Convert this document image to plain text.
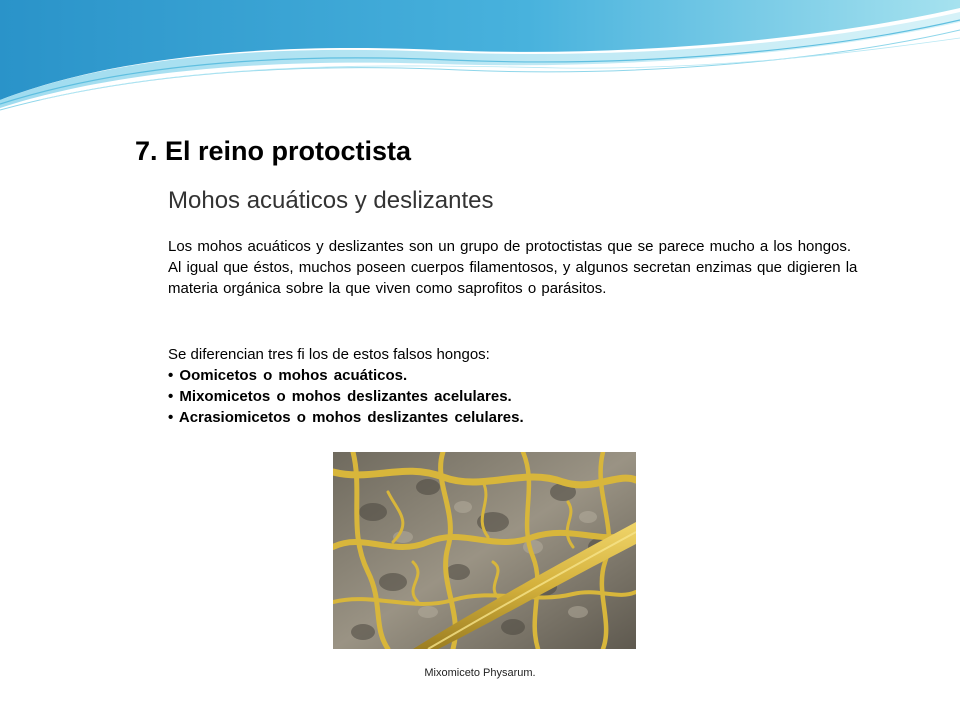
7. El reino protoctista
Mohos acuáticos y deslizantes

Los mohos acuáticos y deslizantes son un grupo de protoctistas que se parece mucho a los hongos. Al igual que éstos, muchos poseen cuerpos filamentosos, y algunos secretan enzimas que digieren la materia orgánica sobre la que viven como saprofitos o parásitos.

Se diferencian tres fi los de estos falsos hongos:

• Oomicetos o mohos acuáticos.
• Mixomicetos o mohos deslizantes acelulares.
• Acrasiomicetos o mohos deslizantes celulares.

Mixomiceto Physarum.
